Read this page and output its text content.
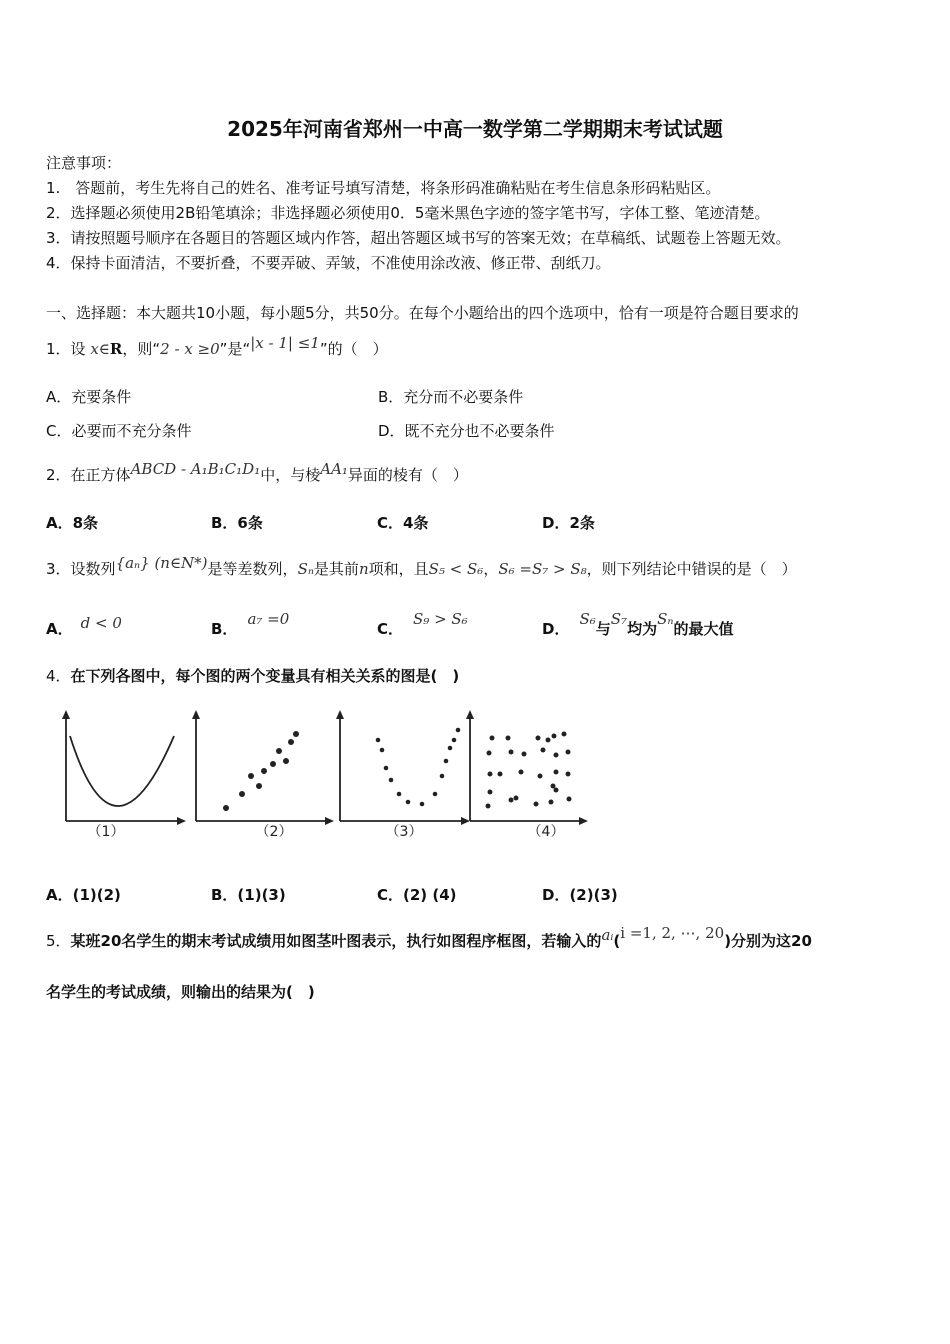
2025年河南省郑州一中高一数学第二学期期末考试试题
注意事项：
1.　答题前，考生先将自己的姓名、准考证号填写清楚，将条形码准确粘贴在考生信息条形码粘贴区。
2．选择题必须使用2B铅笔填涂；非选择题必须使用0．5毫米黑色字迹的签字笔书写，字体工整、笔迹清楚。
3．请按照题号顺序在各题目的答题区域内作答，超出答题区域书写的答案无效；在草稿纸、试题卷上答题无效。
4．保持卡面清洁，不要折叠，不要弄破、弄皱，不准使用涂改液、修正带、刮纸刀。
一、选择题：本大题共10小题，每小题5分，共50分。在每个小题给出的四个选项中，恰有一项是符合题目要求的
1．设 x∈R，则“2 - x ≥0”是“|x - 1| ≤1”的（　）
A．充要条件	B．充分而不必要条件
C．必要而不充分条件	D．既不充分也不必要条件
2．在正方体ABCD - A₁B₁C₁D₁中，与棱AA₁异面的棱有（　）
A．8条	B．6条	C．4条	D．2条
3．设数列{aₙ} (n∈N*)是等差数列，Sₙ是其前n项和，且S₅ < S₆，S₆ =S₇ > S₈，则下列结论中错误的是（　）
A． d < 0	B．a₇ =0
C．S₉ > S₆
D．S₆与S₇均为Sₙ的最大值
4．在下列各图中，每个图的两个变量具有相关关系的图是(　)
（1）	（2）	（3）	（4）
A．(1)(2)	B．(1)(3)	C．(2) (4)	D．(2)(3)
5．某班20名学生的期末考试成绩用如图茎叶图表示，执行如图程序框图，若输入的aᵢ(i =1, 2, ⋯, 20)分别为这20
名学生的考试成绩，则输出的结果为(　)
